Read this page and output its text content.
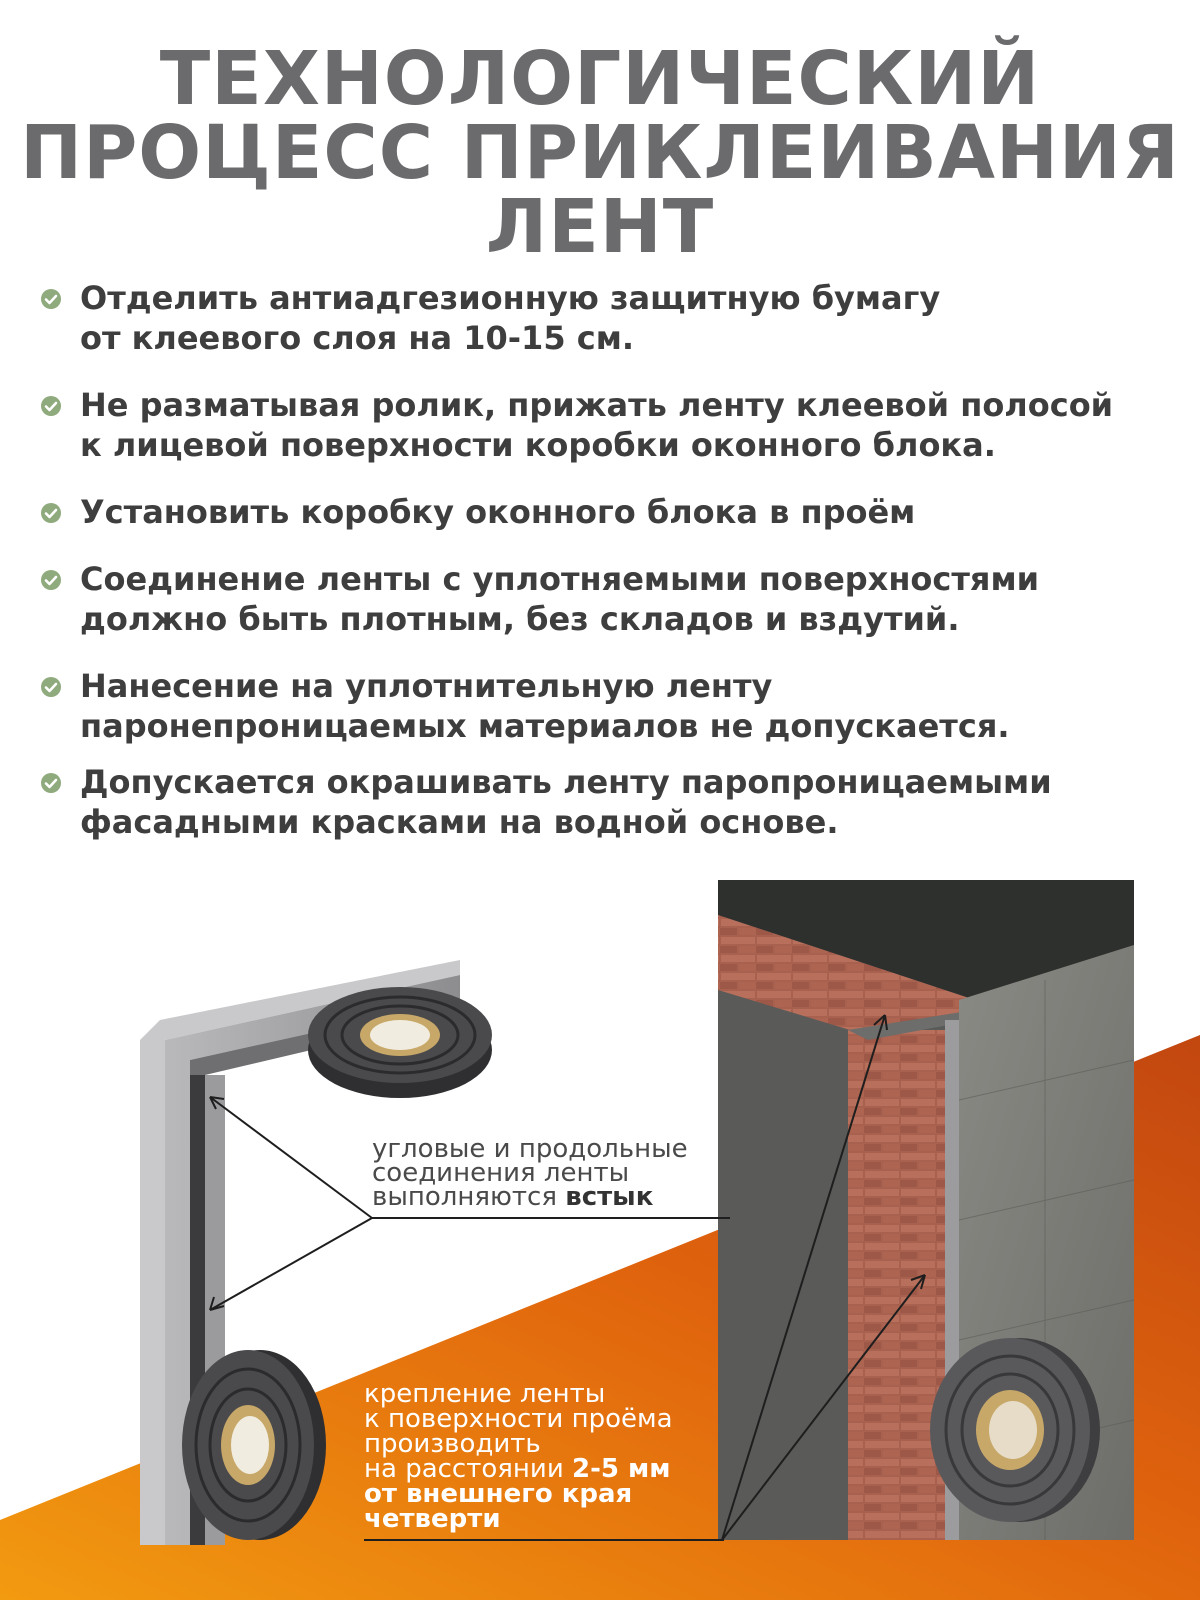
ТЕХНОЛОГИЧЕСКИЙ
ПРОЦЕСС ПРИКЛЕИВАНИЯ
ЛЕНТ
Отделить антиадгезионную защитную бумагу
от клеевого слоя на 10-15 см.
Не разматывая ролик, прижать ленту клеевой полосой
к лицевой поверхности коробки оконного блока.
Установить коробку оконного блока в проём
Соединение ленты с уплотняемыми поверхностями
должно быть плотным, без складов и вздутий.
Нанесение на уплотнительную ленту
паронепроницаемых материалов не допускается.
Допускается окрашивать ленту паропроницаемыми
фасадными красками на водной основе.
угловые и продольные
соединения ленты
выполняются встык
крепление ленты
к поверхности проёма
производить
на расстоянии 2-5 мм
от внешнего края
четверти
